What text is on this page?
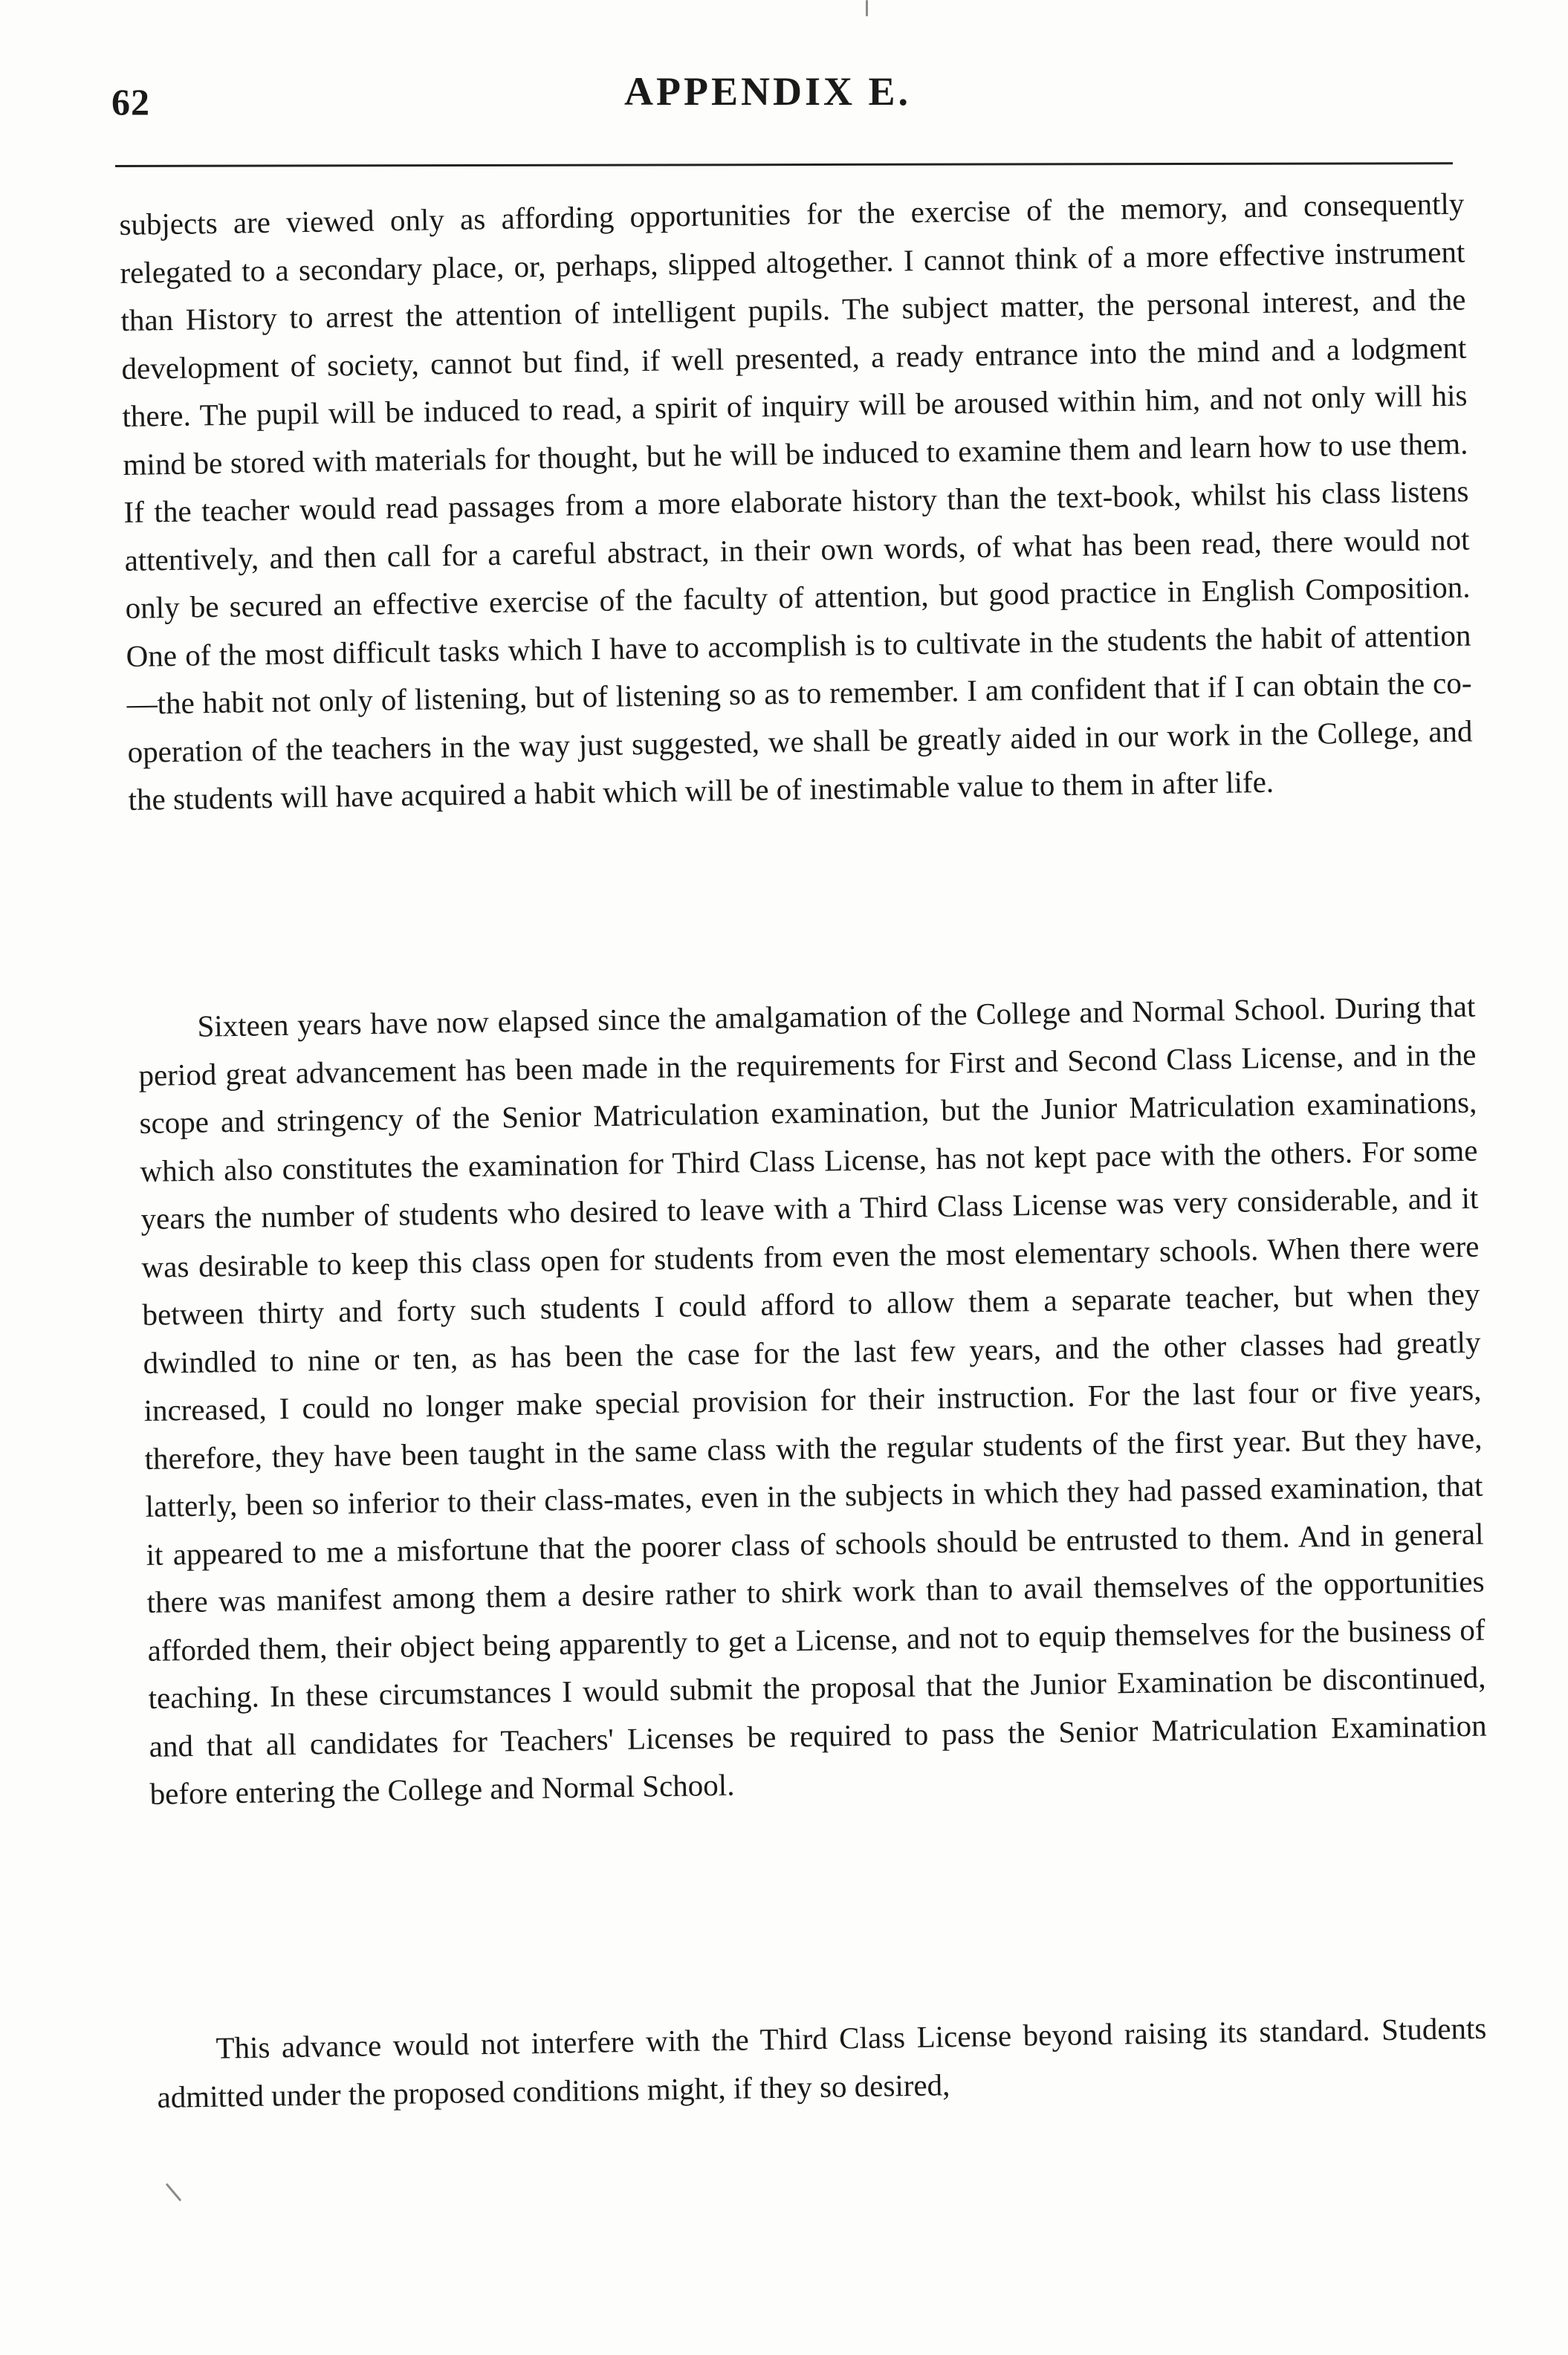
62	APPENDIX E.

subjects are viewed only as affording opportunities for the exercise of the memory, and consequently relegated to a secondary place, or, perhaps, slipped altogether. I cannot think of a more effective instrument than History to arrest the attention of intelligent pupils. The subject matter, the personal interest, and the development of society, cannot but find, if well presented, a ready entrance into the mind and a lodgment there. The pupil will be induced to read, a spirit of inquiry will be aroused within him, and not only will his mind be stored with materials for thought, but he will be induced to examine them and learn how to use them. If the teacher would read passages from a more elaborate history than the text-book, whilst his class listens attentively, and then call for a careful abstract, in their own words, of what has been read, there would not only be secured an effective exercise of the faculty of attention, but good practice in English Composition. One of the most difficult tasks which I have to accomplish is to cultivate in the students the habit of attention—the habit not only of listening, but of listening so as to remember. I am confident that if I can obtain the co-operation of the teachers in the way just suggested, we shall be greatly aided in our work in the College, and the students will have acquired a habit which will be of inestimable value to them in after life.

Sixteen years have now elapsed since the amalgamation of the College and Normal School. During that period great advancement has been made in the requirements for First and Second Class License, and in the scope and stringency of the Senior Matriculation examination, but the Junior Matriculation examinations, which also constitutes the examination for Third Class License, has not kept pace with the others. For some years the number of students who desired to leave with a Third Class License was very considerable, and it was desirable to keep this class open for students from even the most elementary schools. When there were between thirty and forty such students I could afford to allow them a separate teacher, but when they dwindled to nine or ten, as has been the case for the last few years, and the other classes had greatly increased, I could no longer make special provision for their instruction. For the last four or five years, therefore, they have been taught in the same class with the regular students of the first year. But they have, latterly, been so inferior to their class-mates, even in the subjects in which they had passed examination, that it appeared to me a misfortune that the poorer class of schools should be entrusted to them. And in general there was manifest among them a desire rather to shirk work than to avail themselves of the opportunities afforded them, their object being apparently to get a License, and not to equip themselves for the business of teaching. In these circumstances I would submit the proposal that the Junior Examination be discontinued, and that all candidates for Teachers' Licenses be required to pass the Senior Matriculation Examination before entering the College and Normal School.

This advance would not interfere with the Third Class License beyond raising its standard. Students admitted under the proposed conditions might, if they so desired,
